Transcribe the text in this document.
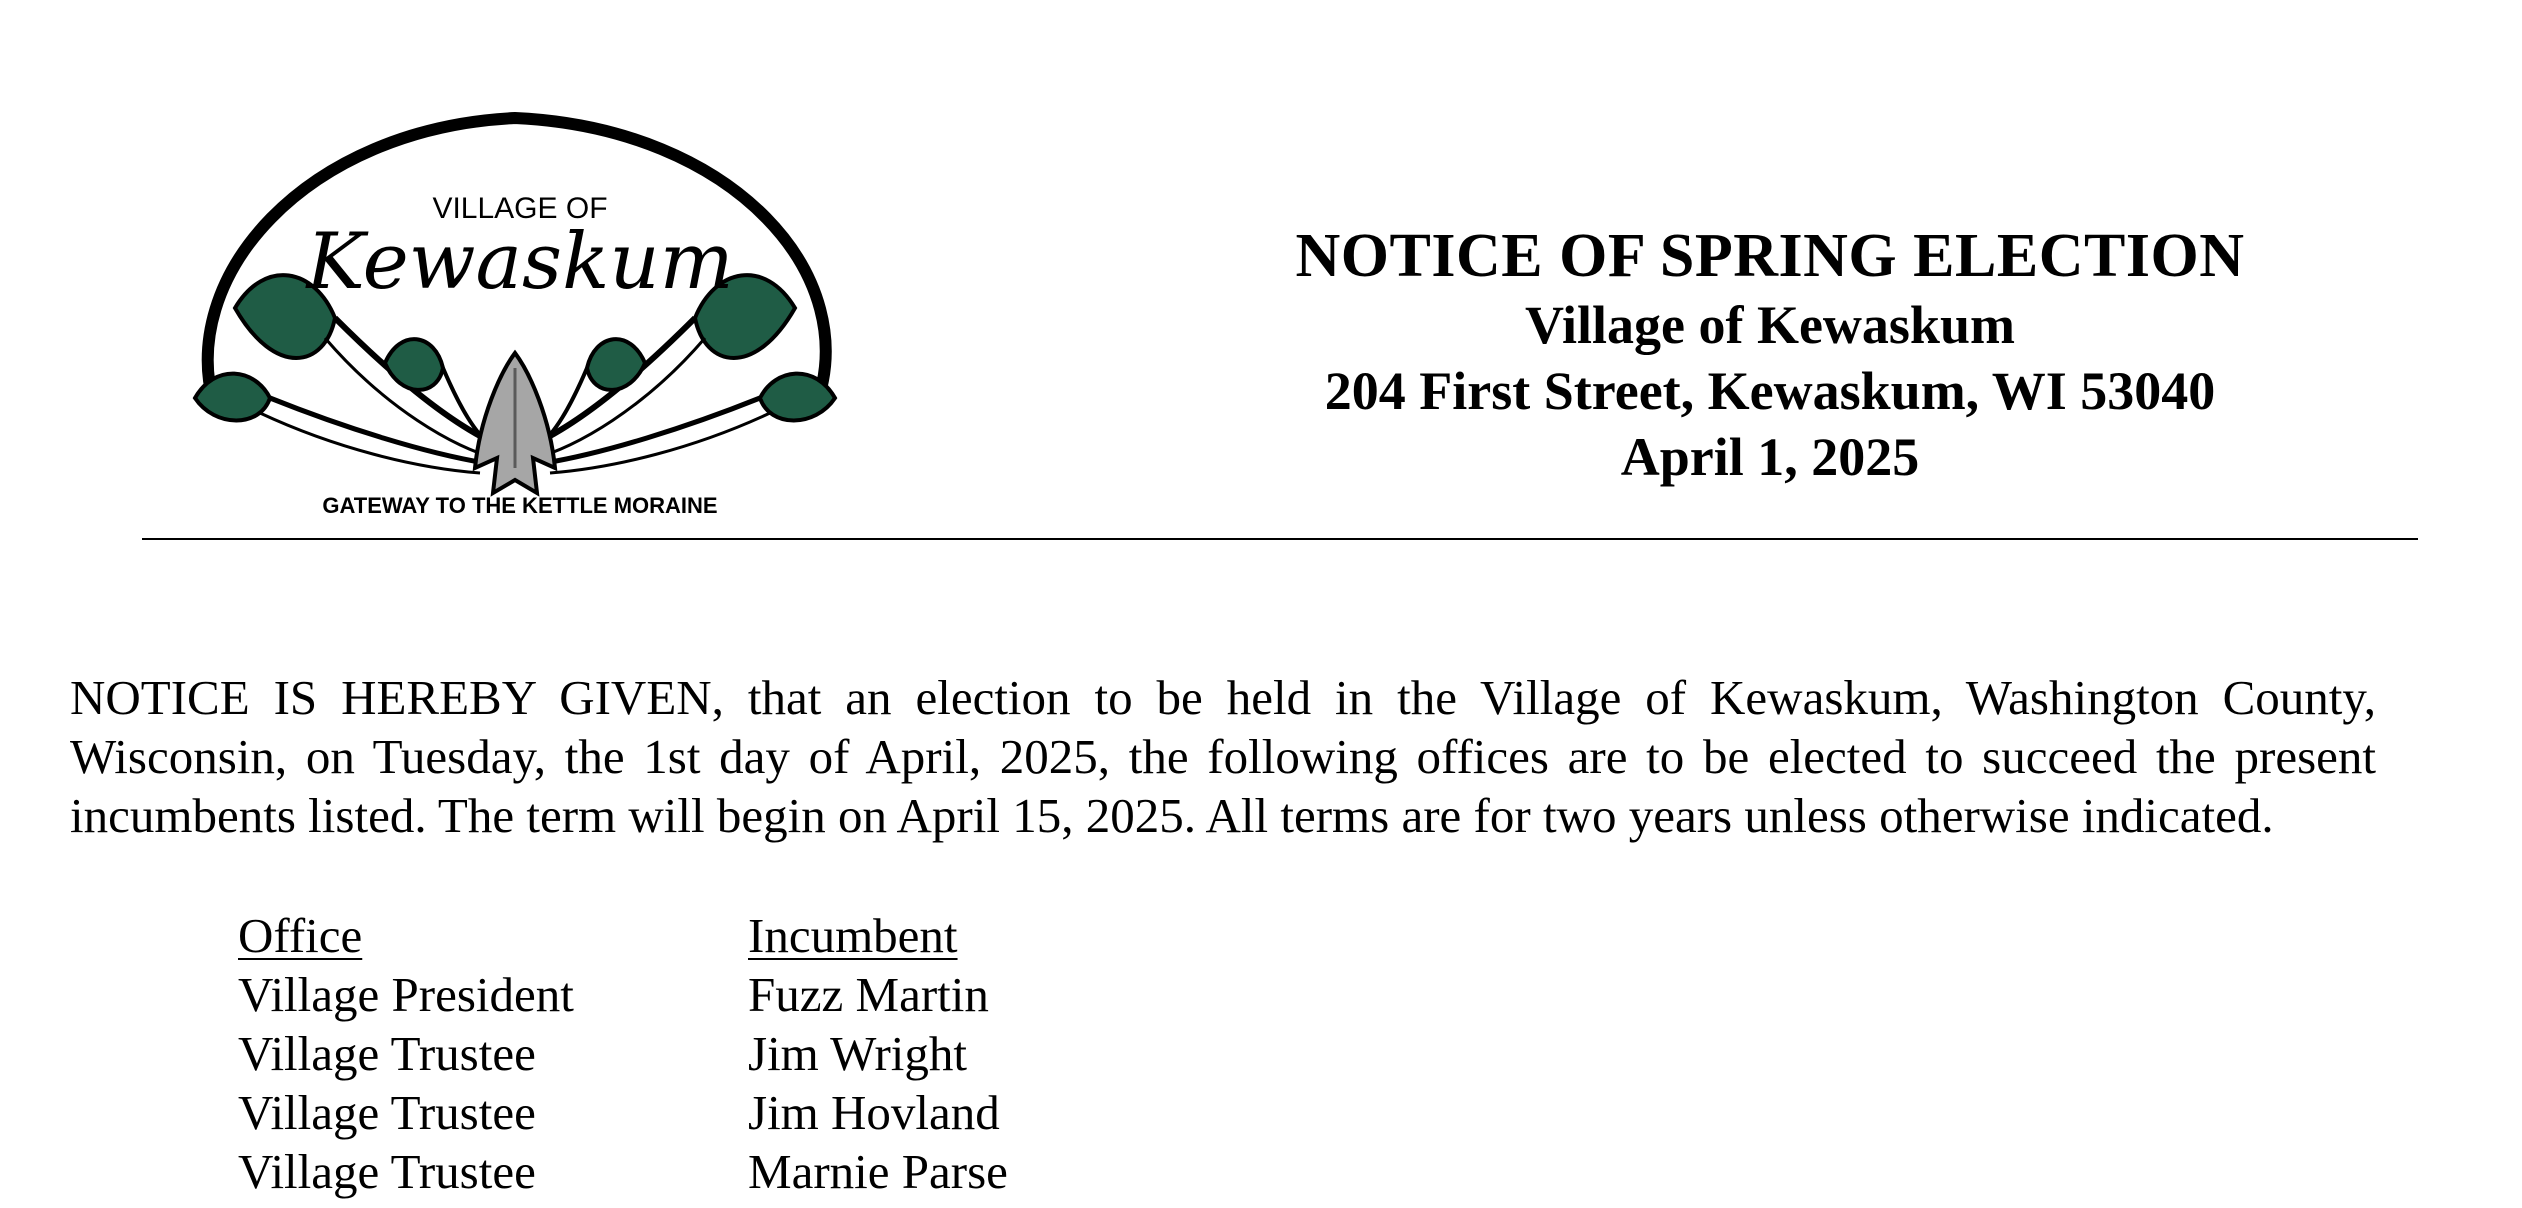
VILLAGE OF
Kewaskum
GATEWAY TO THE KETTLE MORAINE
NOTICE OF SPRING ELECTION
Village of Kewaskum
204 First Street, Kewaskum, WI 53040
April 1, 2025
NOTICE IS HEREBY GIVEN, that an election to be held in the Village of Kewaskum, Washington County, Wisconsin, on Tuesday, the 1st day of April, 2025, the following offices are to be elected to succeed the present incumbents listed. The term will begin on April 15, 2025. All terms are for two years unless otherwise indicated.
Office	Incumbent
Village President	Fuzz Martin
Village Trustee	Jim Wright
Village Trustee	Jim Hovland
Village Trustee	Marnie Parse
